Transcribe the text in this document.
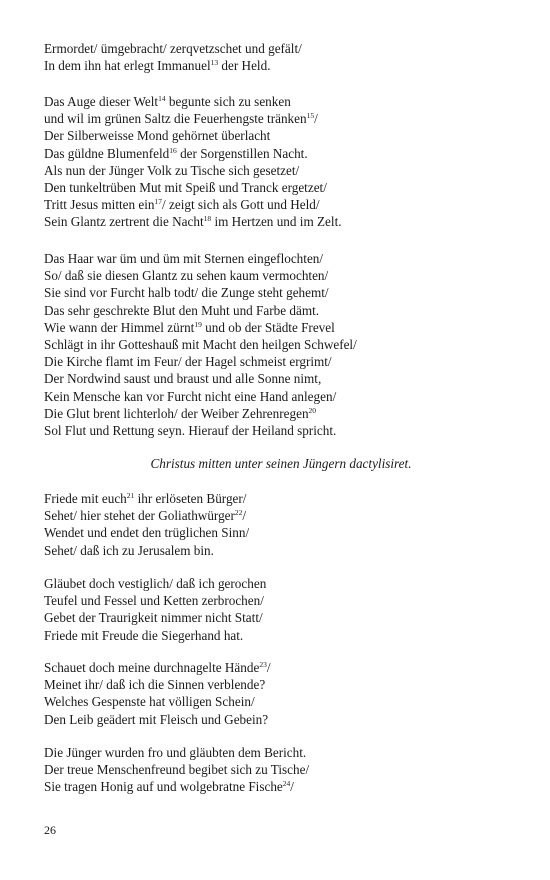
Ermordet/ ümgebracht/ zerqvetzschet und gefält/
In dem ihn hat erlegt Immanuel$^{13}$ der Held.
Das Auge dieser Welt$^{14}$ begunte sich zu senken
und wil im grünen Saltz die Feuerhengste tränken$^{15}$/
Der Silberweisse Mond gehörnet überlacht
Das güldne Blumenfeld$^{16}$ der Sorgenstillen Nacht.
Als nun der Jünger Volk zu Tische sich gesetzet/
Den tunkeltrüben Mut mit Speiß und Tranck ergetzet/
Tritt Jesus mitten ein$^{17}$/ zeigt sich als Gott und Held/
Sein Glantz zertrent die Nacht$^{18}$ im Hertzen und im Zelt.
Das Haar war üm und üm mit Sternen eingeflochten/
So/ daß sie diesen Glantz zu sehen kaum vermochten/
Sie sind vor Furcht halb todt/ die Zunge steht gehemt/
Das sehr geschrekte Blut den Muht und Farbe dämt.
Wie wann der Himmel zürnt$^{19}$ und ob der Städte Frevel
Schlägt in ihr Gotteshauß mit Macht den heilgen Schwefel/
Die Kirche flamt im Feur/ der Hagel schmeist ergrimt/
Der Nordwind saust und braust und alle Sonne nimt,
Kein Mensche kan vor Furcht nicht eine Hand anlegen/
Die Glut brent lichterloh/ der Weiber Zehrenregen$^{20}$
Sol Flut und Rettung seyn. Hierauf der Heiland spricht.
Christus mitten unter seinen Jüngern dactylisiret.
Friede mit euch$^{21}$ ihr erlöseten Bürger/
Sehet/ hier stehet der Goliathwürger$^{22}$/
Wendet und endet den trüglichen Sinn/
Sehet/ daß ich zu Jerusalem bin.
Gläubet doch vestiglich/ daß ich gerochen
Teufel und Fessel und Ketten zerbrochen/
Gebet der Traurigkeit nimmer nicht Statt/
Friede mit Freude die Siegerhand hat.
Schauet doch meine durchnagelte Hände$^{23}$/
Meinet ihr/ daß ich die Sinnen verblende?
Welches Gespenste hat völligen Schein/
Den Leib geädert mit Fleisch und Gebein?
Die Jünger wurden fro und gläubten dem Bericht.
Der treue Menschenfreund begibet sich zu Tische/
Sie tragen Honig auf und wolgebratne Fische$^{24}$/
26
